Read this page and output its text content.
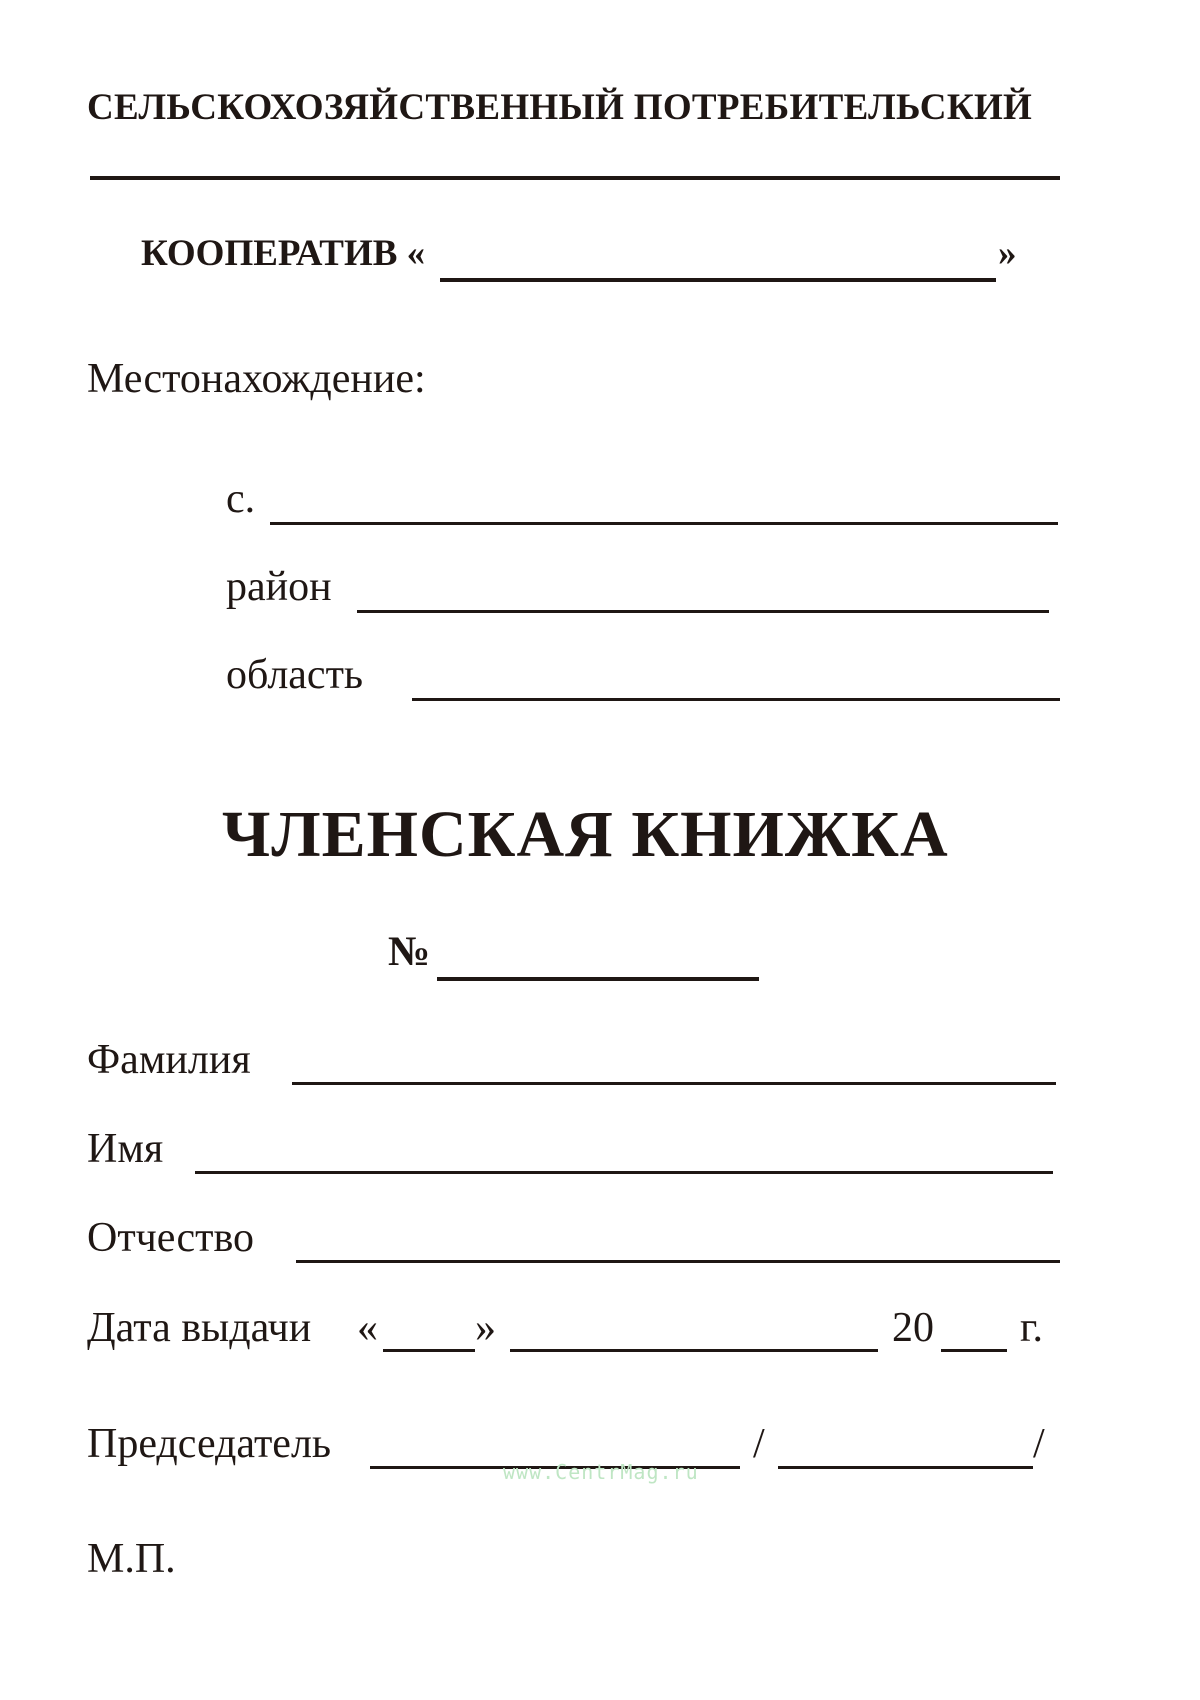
СЕЛЬСКОХОЗЯЙСТВЕННЫЙ ПОТРЕБИТЕЛЬСКИЙ
КООПЕРАТИВ «	»
Местонахождение:
с.
район
область
ЧЛЕНСКАЯ КНИЖКА
№
Фамилия
Имя
Отчество
Дата выдачи « »	20 г.
Председатель	/	/
www.CentrMag.ru
М.П.
